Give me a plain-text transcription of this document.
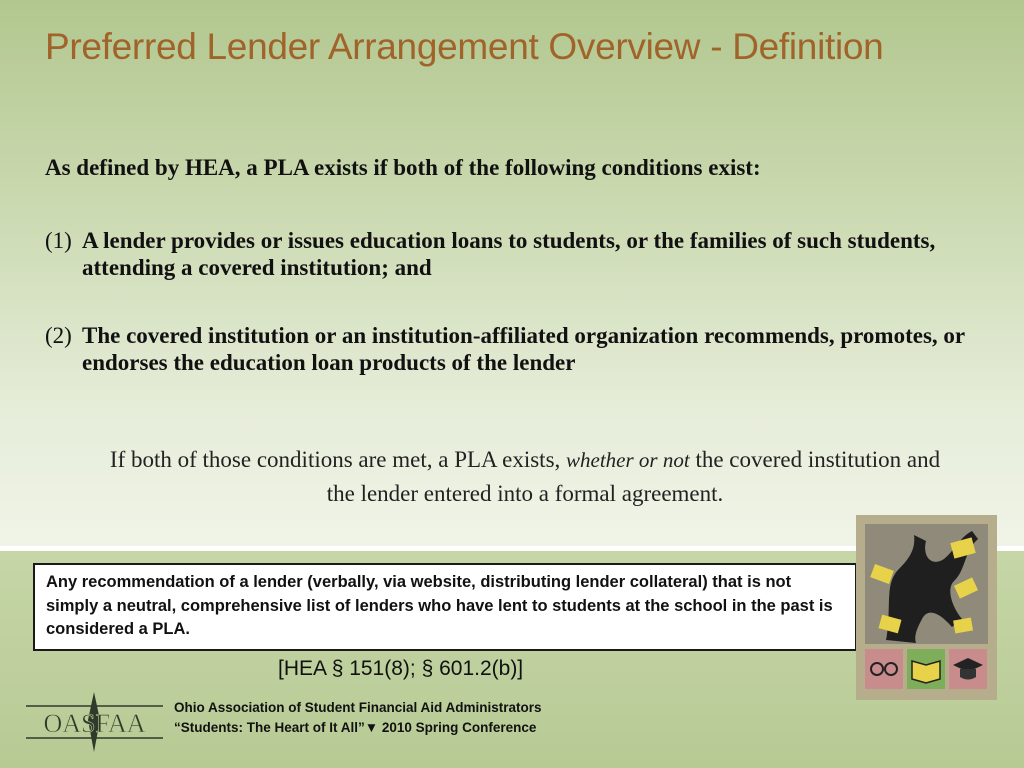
Preferred Lender Arrangement Overview - Definition

As defined by HEA, a PLA exists if both of the following conditions exist:

(1) A lender provides or issues education loans to students, or the families of such students, attending a covered institution; and
(2) The covered institution or an institution-affiliated organization recommends, promotes, or endorses the education loan products of the lender
If both of those conditions are met, a PLA exists, whether or not the covered institution and the lender entered into a formal agreement.

Any recommendation of a lender (verbally, via website, distributing lender collateral) that is not simply a neutral, comprehensive list of lenders who have lent to students at the school in the past is considered a PLA.

[HEA § 151(8); § 601.2(b)]
OASFAA
Ohio Association of Student Financial Aid Administrators
“Students: The Heart of It All”▼ 2010 Spring Conference
